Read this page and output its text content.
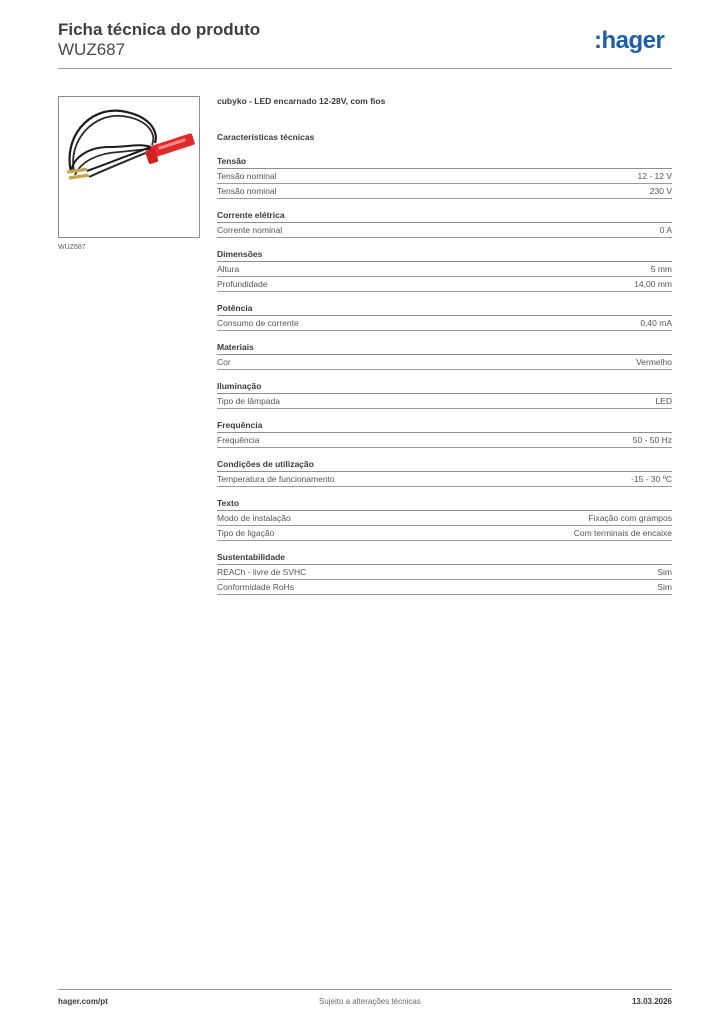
Ficha técnica do produto
WUZ687	:hager
WUZ687
cubyko - LED encarnado 12-28V, com fios
Características técnicas
Tensão
Tensão nominal	12 - 12 V
Tensão nominal	230 V
Corrente elétrica
Corrente nominal	0 A
Dimensões
Altura	5 mm
Profundidade	14,00 mm
Potência
Consumo de corrente	0,40 mA
Materiais
Cor	Vermelho
Iluminação
Tipo de lâmpada	LED
Frequência
Frequência	50 - 50 Hz
Condições de utilização
Temperatura de funcionamento	-15 - 30 ºC
Texto
Modo de instalação	Fixação com grampos
Tipo de ligação	Com terminais de encaixe
Sustentabilidade
REACh - livre de SVHC	Sim
Conformidade RoHs	Sim
hager.com/pt	Sujeito a alterações técnicas	13.03.2026
